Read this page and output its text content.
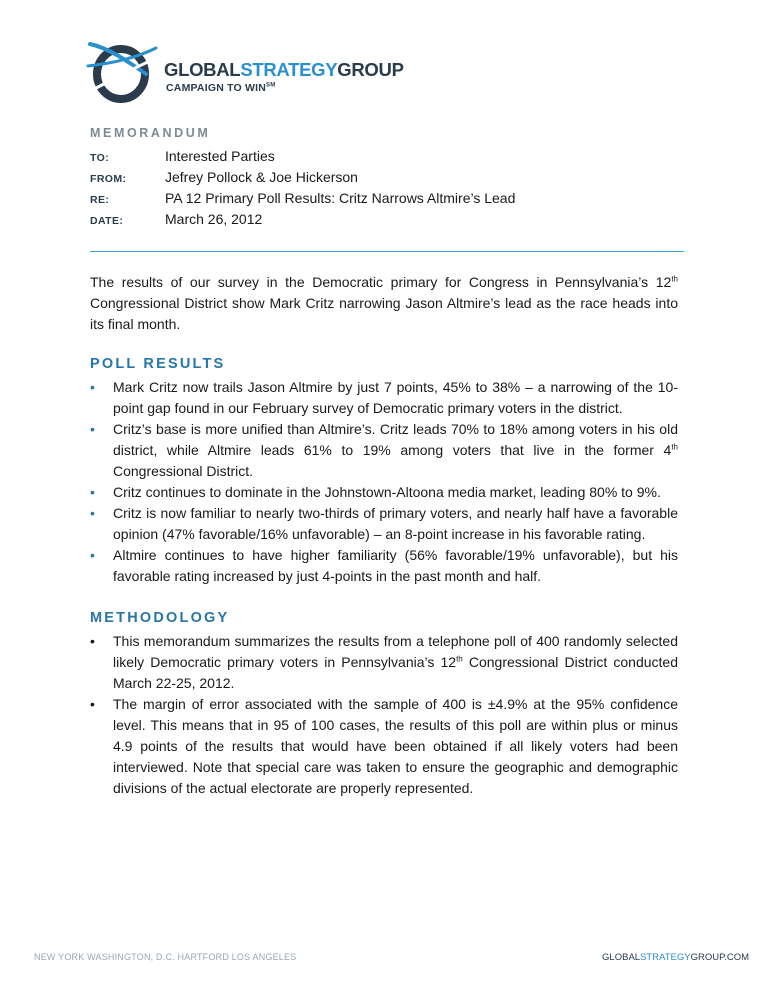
GLOBALSTRATEGYGROUP
CAMPAIGN TO WIN℠
MEMORANDUM
TO:	Interested Parties
FROM:	Jefrey Pollock & Joe Hickerson
RE:	PA 12 Primary Poll Results: Critz Narrows Altmire’s Lead
DATE:	March 26, 2012

The results of our survey in the Democratic primary for Congress in Pennsylvania’s 12th Congressional District show Mark Critz narrowing Jason Altmire’s lead as the race heads into its final month.

POLL RESULTS
• Mark Critz now trails Jason Altmire by just 7 points, 45% to 38% – a narrowing of the 10-point gap found in our February survey of Democratic primary voters in the district.
• Critz’s base is more unified than Altmire’s. Critz leads 70% to 18% among voters in his old district, while Altmire leads 61% to 19% among voters that live in the former 4th Congressional District.
• Critz continues to dominate in the Johnstown-Altoona media market, leading 80% to 9%.
• Critz is now familiar to nearly two-thirds of primary voters, and nearly half have a favorable opinion (47% favorable/16% unfavorable) – an 8-point increase in his favorable rating.
• Altmire continues to have higher familiarity (56% favorable/19% unfavorable), but his favorable rating increased by just 4-points in the past month and half.
METHODOLOGY
• This memorandum summarizes the results from a telephone poll of 400 randomly selected likely Democratic primary voters in Pennsylvania’s 12th Congressional District conducted March 22-25, 2012.
• The margin of error associated with the sample of 400 is ±4.9% at the 95% confidence level. This means that in 95 of 100 cases, the results of this poll are within plus or minus 4.9 points of the results that would have been obtained if all likely voters had been interviewed. Note that special care was taken to ensure the geographic and demographic divisions of the actual electorate are properly represented.
NEW YORK WASHINGTON, D.C. HARTFORD LOS ANGELES	GLOBALSTRATEGYGROUP.COM
